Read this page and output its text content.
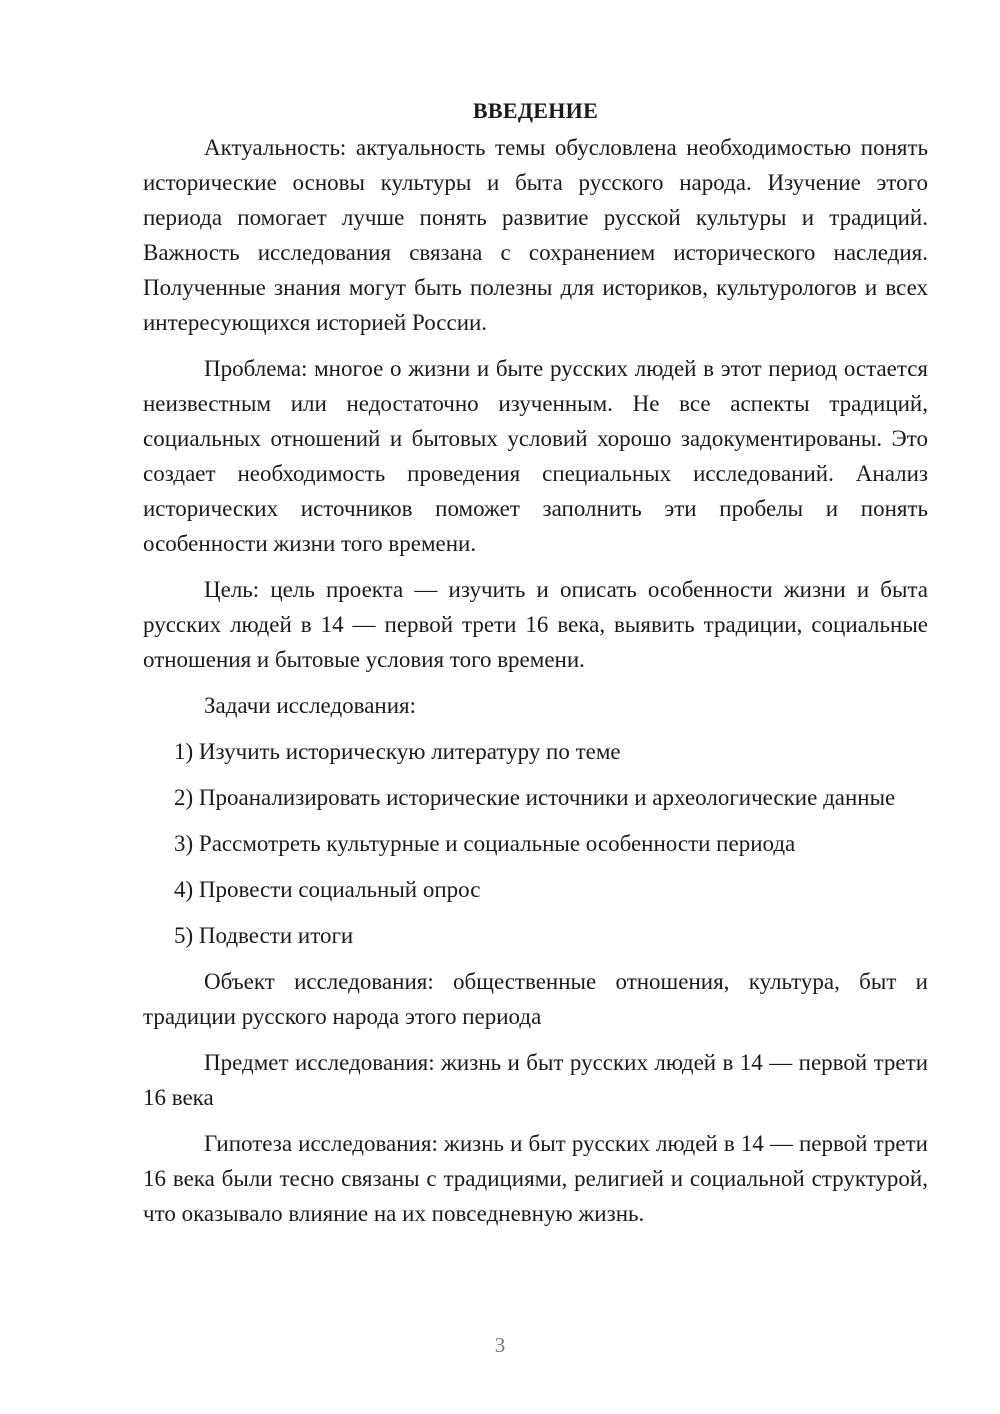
ВВЕДЕНИЕ

Актуальность: актуальность темы обусловлена необходимостью понять исторические основы культуры и быта русского народа. Изучение этого периода помогает лучше понять развитие русской культуры и традиций. Важность исследования связана с сохранением исторического наследия. Полученные знания могут быть полезны для историков, культурологов и всех интересующихся историей России.

Проблема: многое о жизни и быте русских людей в этот период остается неизвестным или недостаточно изученным. Не все аспекты традиций, социальных отношений и бытовых условий хорошо задокументированы. Это создает необходимость проведения специальных исследований. Анализ исторических источников поможет заполнить эти пробелы и понять особенности жизни того времени.

Цель: цель проекта — изучить и описать особенности жизни и быта русских людей в 14 — первой трети 16 века, выявить традиции, социальные отношения и бытовые условия того времени.

Задачи исследования:

1) Изучить историческую литературу по теме

2) Проанализировать исторические источники и археологические данные

3) Рассмотреть культурные и социальные особенности периода

4) Провести социальный опрос

5) Подвести итоги

Объект исследования: общественные отношения, культура, быт и традиции русского народа этого периода

Предмет исследования: жизнь и быт русских людей в 14 — первой трети 16 века

Гипотеза исследования: жизнь и быт русских людей в 14 — первой трети 16 века были тесно связаны с традициями, религией и социальной структурой, что оказывало влияние на их повседневную жизнь.

3
